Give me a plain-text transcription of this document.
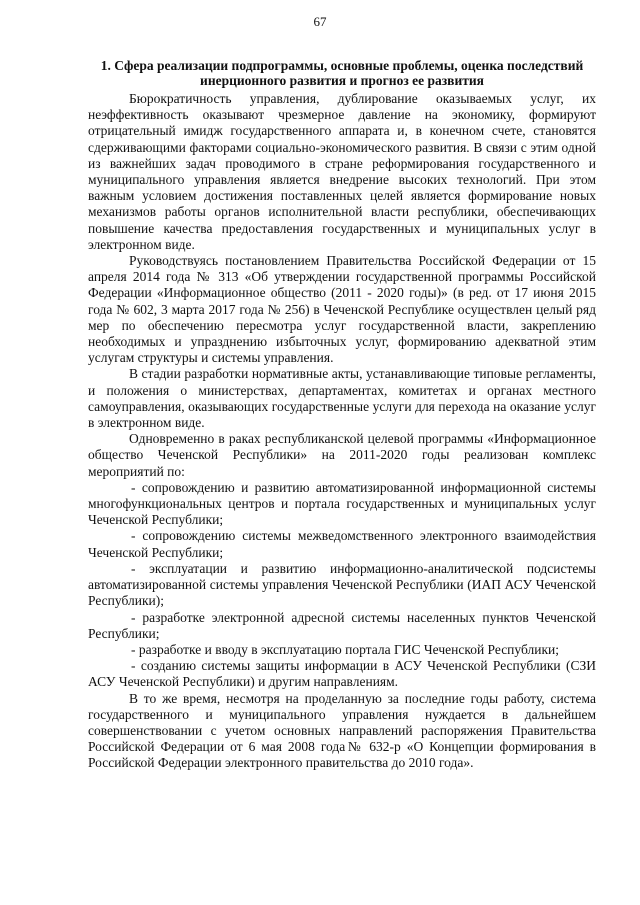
67
1. Сфера реализации подпрограммы, основные проблемы, оценка последствий инерционного развития и прогноз ее развития

Бюрократичность управления, дублирование оказываемых услуг, их неэффективность оказывают чрезмерное давление на экономику, формируют отрицательный имидж государственного аппарата и, в конечном счете, становятся сдерживающими факторами социально-экономического развития. В связи с этим одной из важнейших задач проводимого в стране реформирования государственного и муниципального управления является внедрение высоких технологий. При этом важным условием достижения поставленных целей является формирование новых механизмов работы органов исполнительной власти республики, обеспечивающих повышение качества предоставления государственных и муниципальных услуг в электронном виде.

Руководствуясь постановлением Правительства Российской Федерации от 15 апреля 2014 года № 313 «Об утверждении государственной программы Российской Федерации «Информационное общество (2011 - 2020 годы)» (в ред. от 17 июня 2015 года № 602, 3 марта 2017 года № 256) в Чеченской Республике осуществлен целый ряд мер по обеспечению пересмотра услуг государственной власти, закреплению необходимых и упразднению избыточных услуг, формированию адекватной этим услугам структуры и системы управления.

В стадии разработки нормативные акты, устанавливающие типовые регламенты, и положения о министерствах, департаментах, комитетах и органах местного самоуправления, оказывающих государственные услуги для перехода на оказание услуг в электронном виде.

Одновременно в раках республиканской целевой программы «Информационное общество Чеченской Республики» на 2011-2020 годы реализован комплекс мероприятий по:

- сопровождению и развитию автоматизированной информационной системы многофункциональных центров и портала государственных и муниципальных услуг Чеченской Республики;

- сопровождению системы межведомственного электронного взаимодействия Чеченской Республики;

- эксплуатации и развитию информационно-аналитической подсистемы автоматизированной системы управления Чеченской Республики (ИАП АСУ Чеченской Республики);

- разработке электронной адресной системы населенных пунктов Чеченской Республики;

- разработке и вводу в эксплуатацию портала ГИС Чеченской Республики;

- созданию системы защиты информации в АСУ Чеченской Республики (СЗИ АСУ Чеченской Республики) и другим направлениям.

В то же время, несмотря на проделанную за последние годы работу, система государственного и муниципального управления нуждается в дальнейшем совершенствовании с учетом основных направлений распоряжения Правительства Российской Федерации от 6 мая 2008 года№ 632-р «О Концепции формирования в Российской Федерации электронного правительства до 2010 года».
